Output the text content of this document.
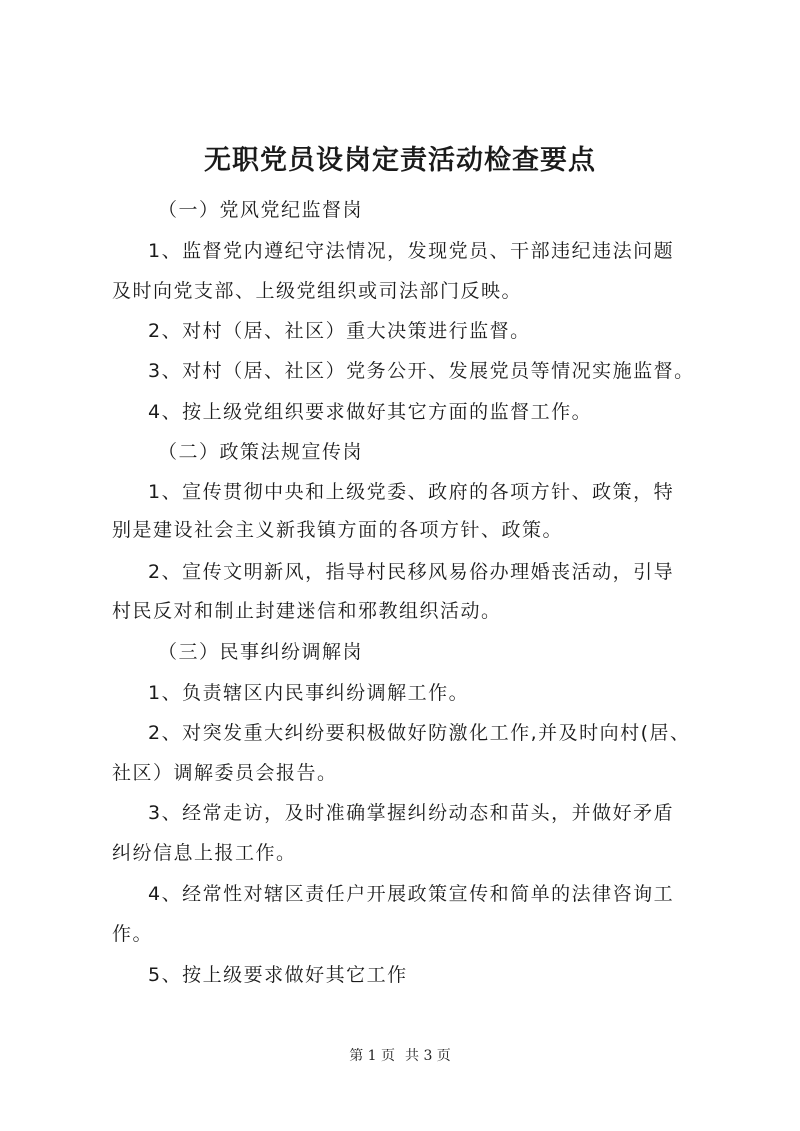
无职党员设岗定责活动检查要点
（一）党风党纪监督岗
1、监督党内遵纪守法情况，发现党员、干部违纪违法问题
及时向党支部、上级党组织或司法部门反映。
2、对村（居、社区）重大决策进行监督。
3、对村（居、社区）党务公开、发展党员等情况实施监督。
4、按上级党组织要求做好其它方面的监督工作。
（二）政策法规宣传岗
1、宣传贯彻中央和上级党委、政府的各项方针、政策，特
别是建设社会主义新我镇方面的各项方针、政策。
2、宣传文明新风，指导村民移风易俗办理婚丧活动，引导
村民反对和制止封建迷信和邪教组织活动。
（三）民事纠纷调解岗
1、负责辖区内民事纠纷调解工作。
2、对突发重大纠纷要积极做好防激化工作,并及时向村(居、
社区）调解委员会报告。
3、经常走访，及时准确掌握纠纷动态和苗头，并做好矛盾
纠纷信息上报工作。
4、经常性对辖区责任户开展政策宣传和简单的法律咨询工
作。
5、按上级要求做好其它工作
第 1 页 共 3 页
